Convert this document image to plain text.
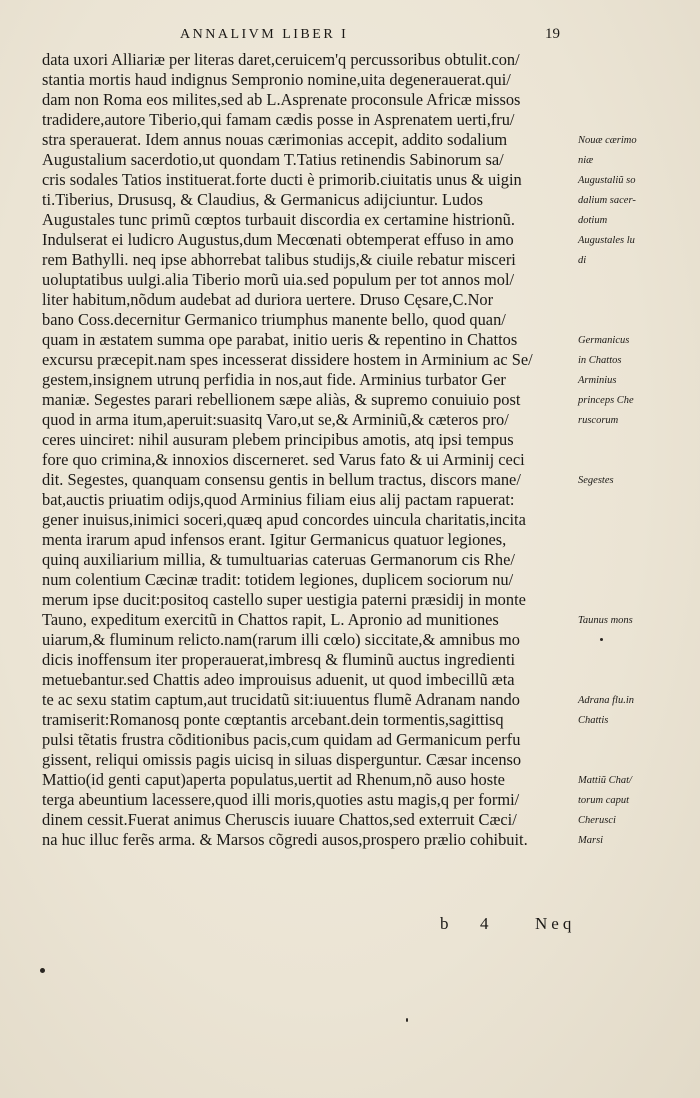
ANNALIVM LIBER I	19
data uxori Alliariæ per literas daret,ceruicem'q percussoribus obtulit.con/
stantia mortis haud indignus Sempronio nomine,uita degenerauerat.qui/
dam non Roma eos milites,sed ab L.Asprenate proconsule Africæ missos
tradidere,autore Tiberio,qui famam cædis posse in Asprenatem uerti,fru/
stra sperauerat. Idem annus nouas cærimonias accepit, addito sodalium
Augustalium sacerdotio,ut quondam T.Tatius retinendis Sabinorum sa/
cris sodales Tatios instituerat.forte ducti è primorib.ciuitatis unus & uigin
ti.Tiberius, Drususq, & Claudius, & Germanicus adijciuntur. Ludos
Augustales tunc primũ cœptos turbauit discordia ex certamine histrionũ.
Indulserat ei ludicro Augustus,dum Mecœnati obtemperat effuso in amo
rem Bathylli. neq ipse abhorrebat talibus studijs,& ciuile rebatur misceri
uoluptatibus uulgi.alia Tiberio morũ uia.sed populum per tot annos mol/
liter habitum,nõdum audebat ad duriora uertere. Druso Cęsare,C.Nor
bano Coss.decernitur Germanico triumphus manente bello, quod quan/
quam in æstatem summa ope parabat, initio ueris & repentino in Chattos
excursu præcepit.nam spes incesserat dissidere hostem in Arminium ac Se/
gestem,insignem utrunq perfidia in nos,aut fide. Arminius turbator Ger
maniæ. Segestes parari rebellionem sæpe aliàs, & supremo conuiuio post
quod in arma itum,aperuit:suasitq Varo,ut se,& Arminiũ,& cæteros pro/
ceres uinciret: nihil ausuram plebem principibus amotis, atq ipsi tempus
fore quo crimina,& innoxios discerneret. sed Varus fato & ui Arminij ceci
dit. Segestes, quanquam consensu gentis in bellum tractus, discors mane/
bat,auctis priuatim odijs,quod Arminius filiam eius alij pactam rapuerat:
gener inuisus,inimici soceri,quæq apud concordes uincula charitatis,incita
menta irarum apud infensos erant. Igitur Germanicus quatuor legiones,
quinq auxiliarium millia, & tumultuarias cateruas Germanorum cis Rhe/
num colentium Cæcinæ tradit: totidem legiones, duplicem sociorum nu/
merum ipse ducit:positoq castello super uestigia paterni præsidij in monte
Tauno, expeditum exercitũ in Chattos rapit, L. Apronio ad munitiones
uiarum,& fluminum relicto.nam(rarum illi cœlo) siccitate,& amnibus mo
dicis inoffensum iter properauerat,imbresq & fluminũ auctus ingredienti
metuebantur.sed Chattis adeo improuisus aduenit, ut quod imbecillũ æta
te ac sexu statim captum,aut trucidatũ sit:iuuentus flumẽ Adranam nando
tramiserit:Romanosq ponte cœptantis arcebant.dein tormentis,sagittisq
pulsi tẽtatis frustra cõditionibus pacis,cum quidam ad Germanicum perfu
gissent, reliqui omissis pagis uicisq in siluas disperguntur. Cæsar incenso
Mattio(id genti caput)aperta populatus,uertit ad Rhenum,nõ auso hoste
terga abeuntium lacessere,quod illi moris,quoties astu magis,q per formi/
dinem cessit.Fuerat animus Cheruscis iuuare Chattos,sed exterruit Cæci/
na huc illuc ferẽs arma. & Marsos cõgredi ausos,prospero prælio cohibuit.
Nouæ cærimo
niæ
Augustaliũ so
dalium sacer-
dotium
Augustales lu
di
Germanicus
in Chattos
Arminius
princeps Che
ruscorum
Segestes
Taunus mons
Adrana flu.in
Chattis
Mattiũ Chat/
torum caput
Cherusci
Marsi
b 4	Neq
